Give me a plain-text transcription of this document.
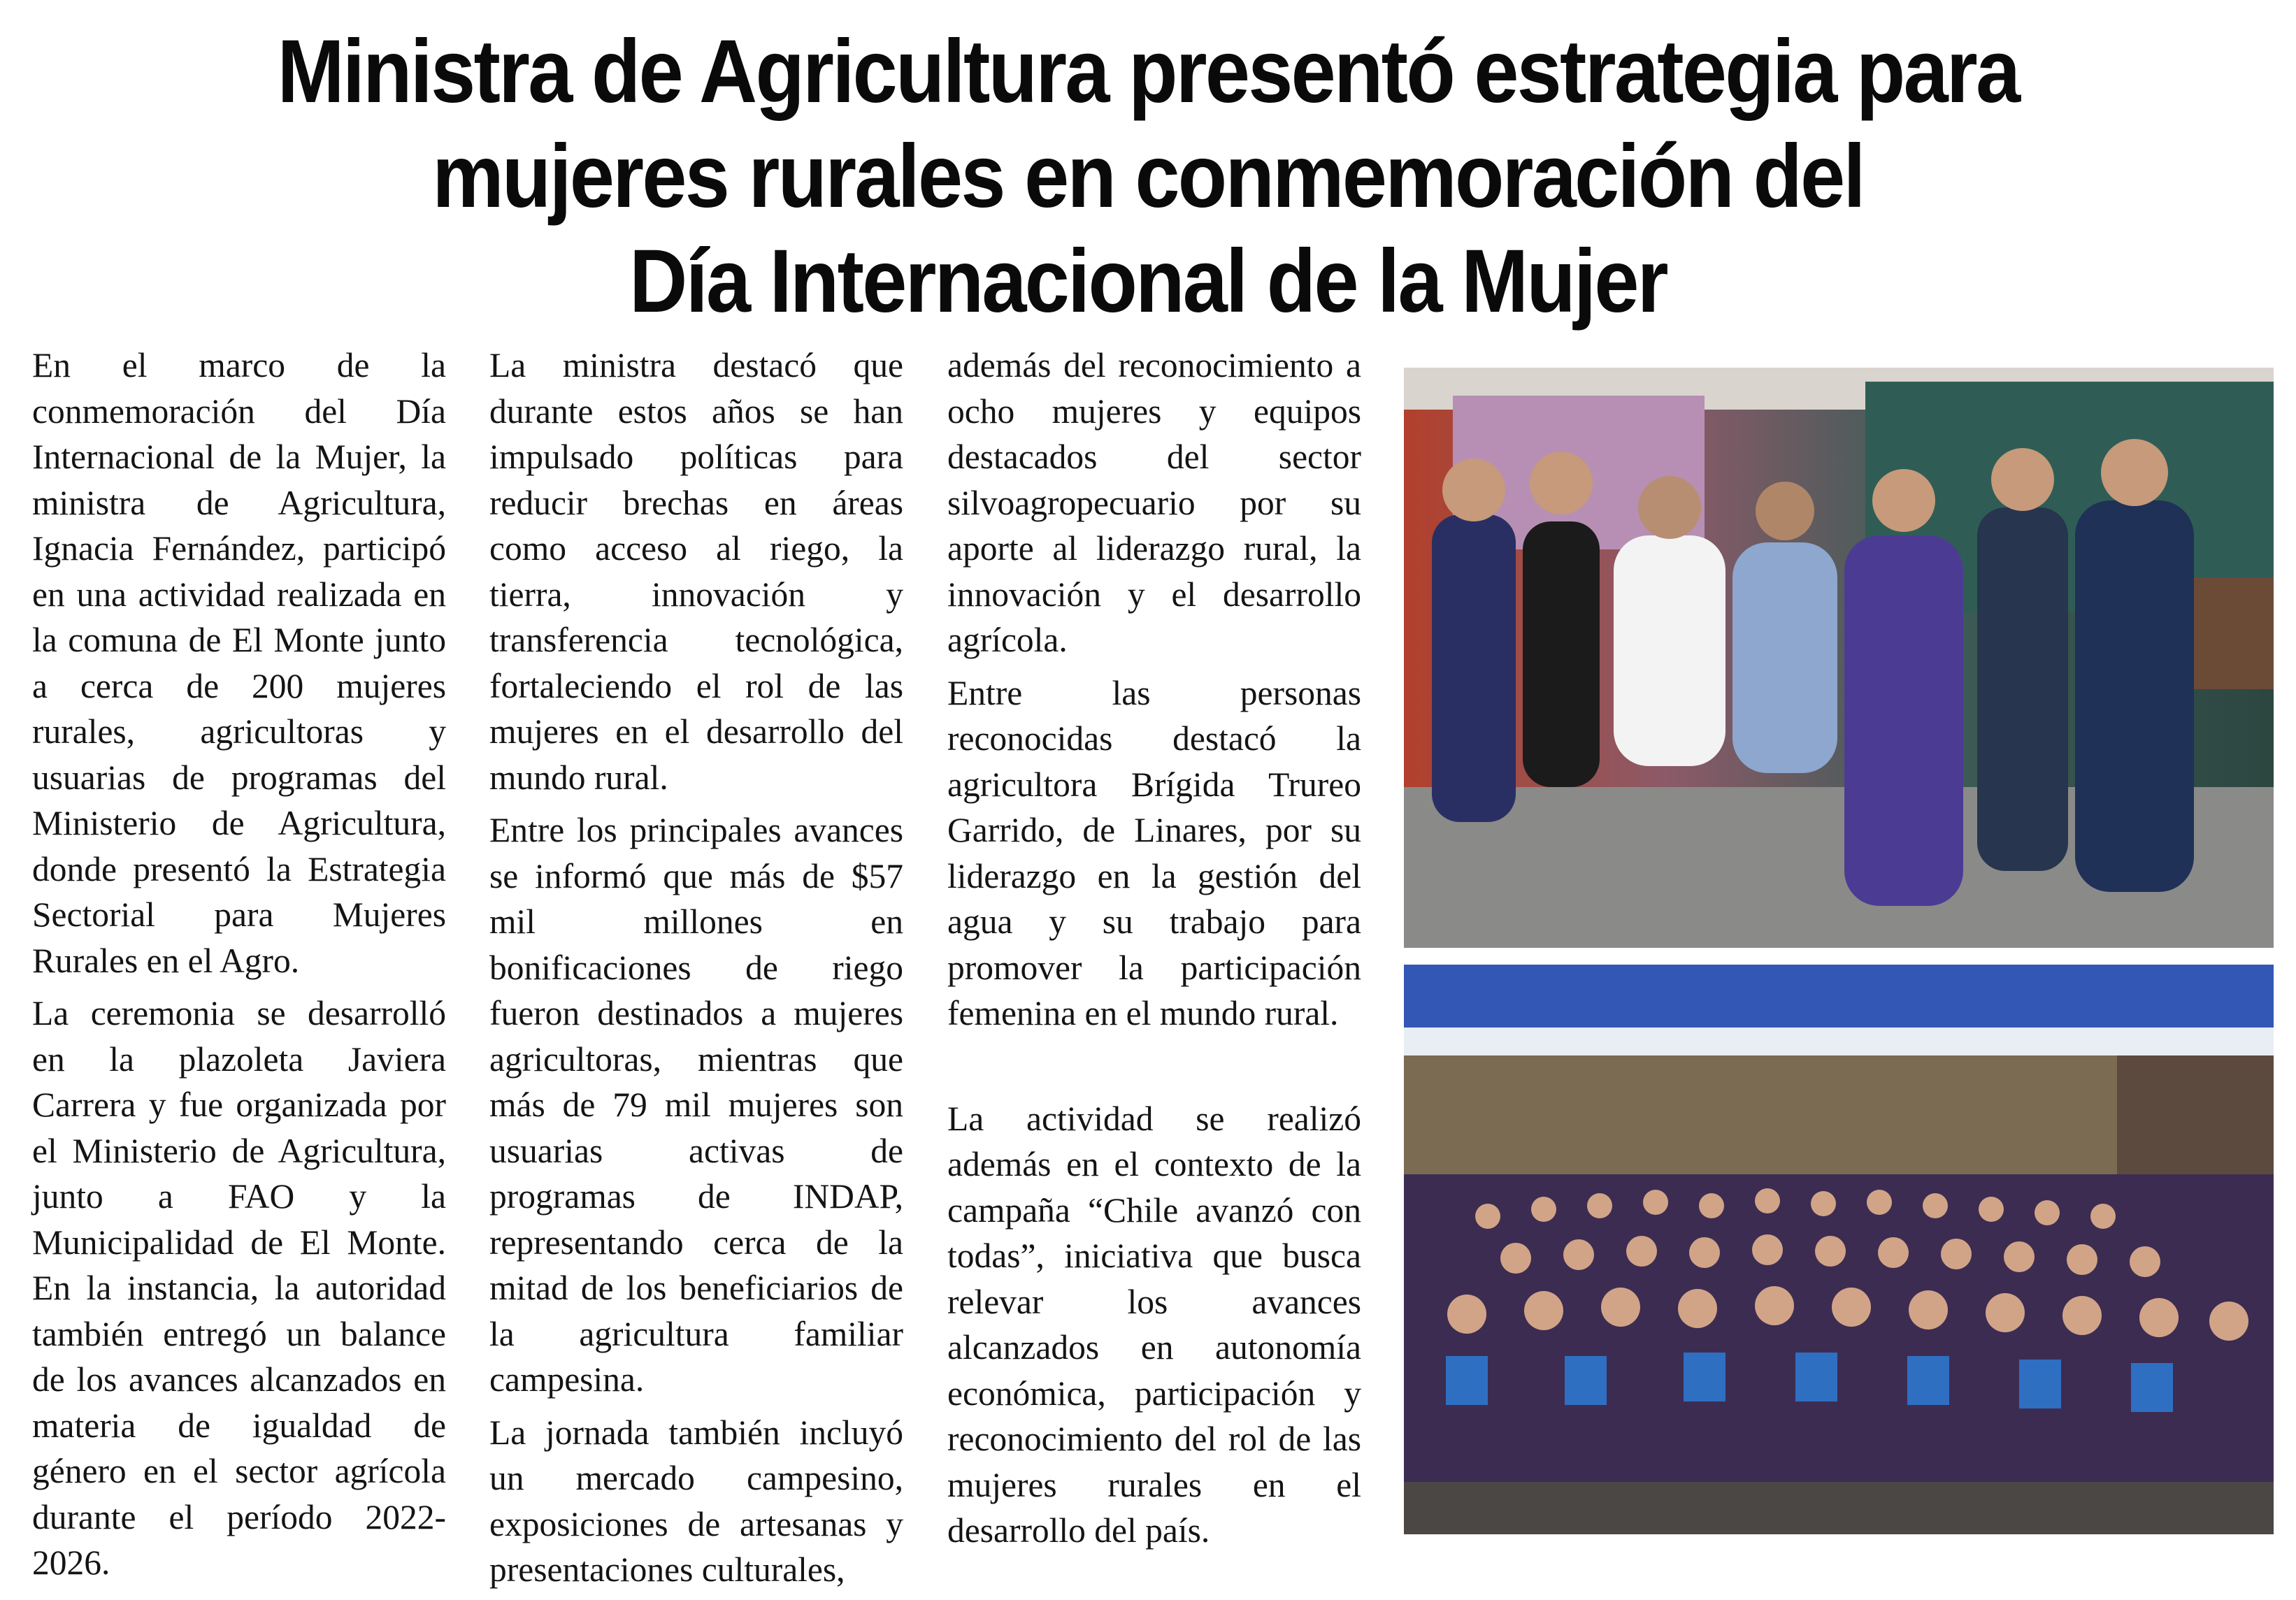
Ministra de Agricultura presentó estrategia para
mujeres rurales en conmemoración del
Día Internacional de la Mujer

En el marco de la conmemoración del Día Internacional de la Mujer, la ministra de Agricultura, Ignacia Fernández, participó en una actividad realizada en la comuna de El Monte junto a cerca de 200 mujeres rurales, agricultoras y usuarias de programas del Ministerio de Agricultura, donde presentó la Estrategia Sectorial para Mujeres Rurales en el Agro.

La ceremonia se desarrolló en la plazoleta Javiera Carrera y fue organizada por el Ministerio de Agricultura, junto a FAO y la Municipalidad de El Monte. En la instancia, la autoridad también entregó un balance de los avances alcanzados en materia de igualdad de género en el sector agrícola durante el período 2022-2026.

La ministra destacó que durante estos años se han impulsado políticas para reducir brechas en áreas como acceso al riego, la tierra, innovación y transferencia tecnológica, fortaleciendo el rol de las mujeres en el desarrollo del mundo rural.

Entre los principales avances se informó que más de $57 mil millones en bonificaciones de riego fueron destinados a mujeres agricultoras, mientras que más de 79 mil mujeres son usuarias activas de programas de INDAP, representando cerca de la mitad de los beneficiarios de la agricultura familiar campesina.

La jornada también incluyó un mercado campesino, exposiciones de artesanas y presentaciones culturales,

además del reconocimiento a ocho mujeres y equipos destacados del sector silvoagropecuario por su aporte al liderazgo rural, la innovación y el desarrollo agrícola.

Entre las personas reconocidas destacó la agricultora Brígida Trureo Garrido, de Linares, por su liderazgo en la gestión del agua y su trabajo para promover la participación femenina en el mundo rural.

La actividad se realizó además en el contexto de la campaña “Chile avanzó con todas”, iniciativa que busca relevar los avances alcanzados en autonomía económica, participación y reconocimiento del rol de las mujeres rurales en el desarrollo del país.
